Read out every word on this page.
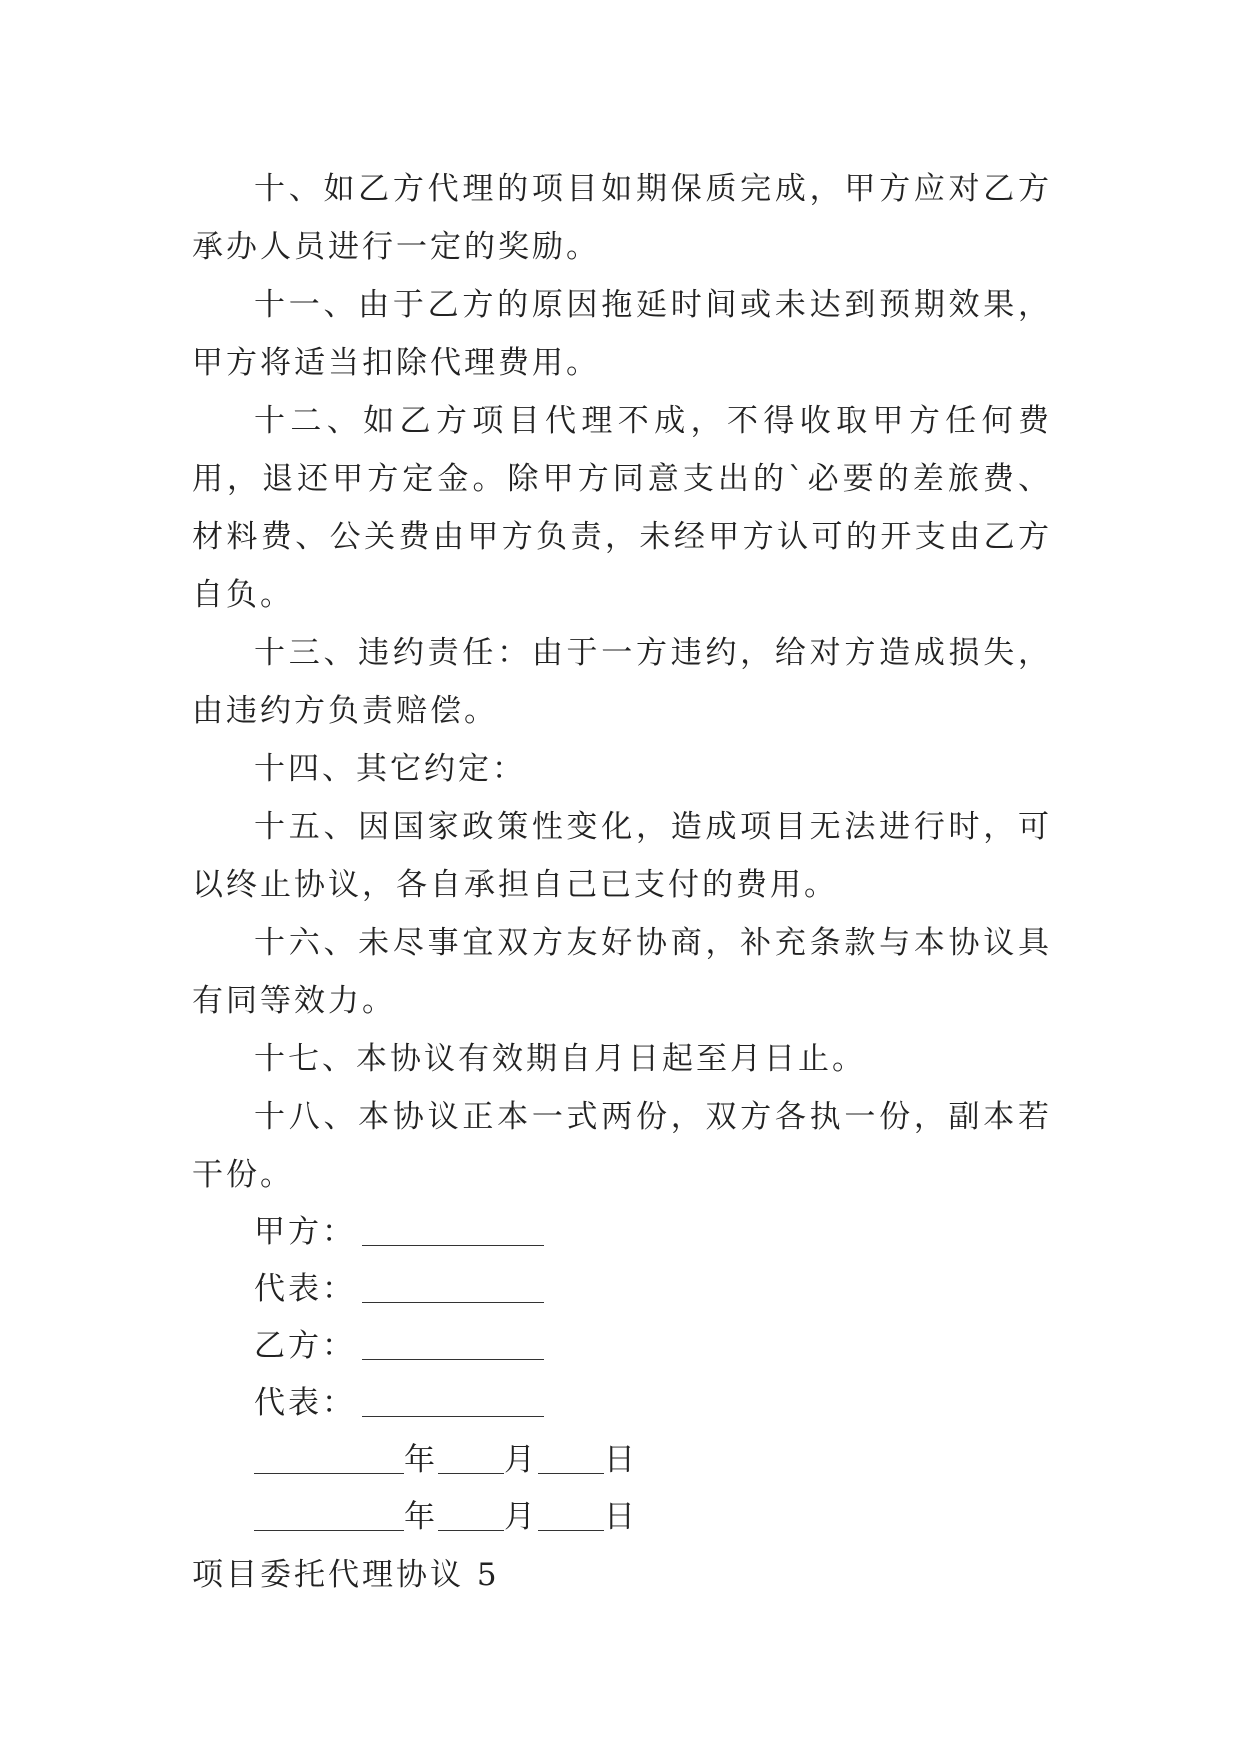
十、如乙方代理的项目如期保质完成，甲方应对乙方承办人员进行一定的奖励。

十一、由于乙方的原因拖延时间或未达到预期效果，甲方将适当扣除代理费用。

十二、如乙方项目代理不成，不得收取甲方任何费用，退还甲方定金。除甲方同意支出的`必要的差旅费、材料费、公关费由甲方负责，未经甲方认可的开支由乙方自负。

十三、违约责任：由于一方违约，给对方造成损失，由违约方负责赔偿。

十四、其它约定：

十五、因国家政策性变化，造成项目无法进行时，可以终止协议，各自承担自己已支付的费用。

十六、未尽事宜双方友好协商，补充条款与本协议具有同等效力。

十七、本协议有效期自月日起至月日止。

十八、本协议正本一式两份，双方各执一份，副本若干份。

甲方：

代表：

乙方：

代表：

年 月 日

年 月 日

项目委托代理协议 5
